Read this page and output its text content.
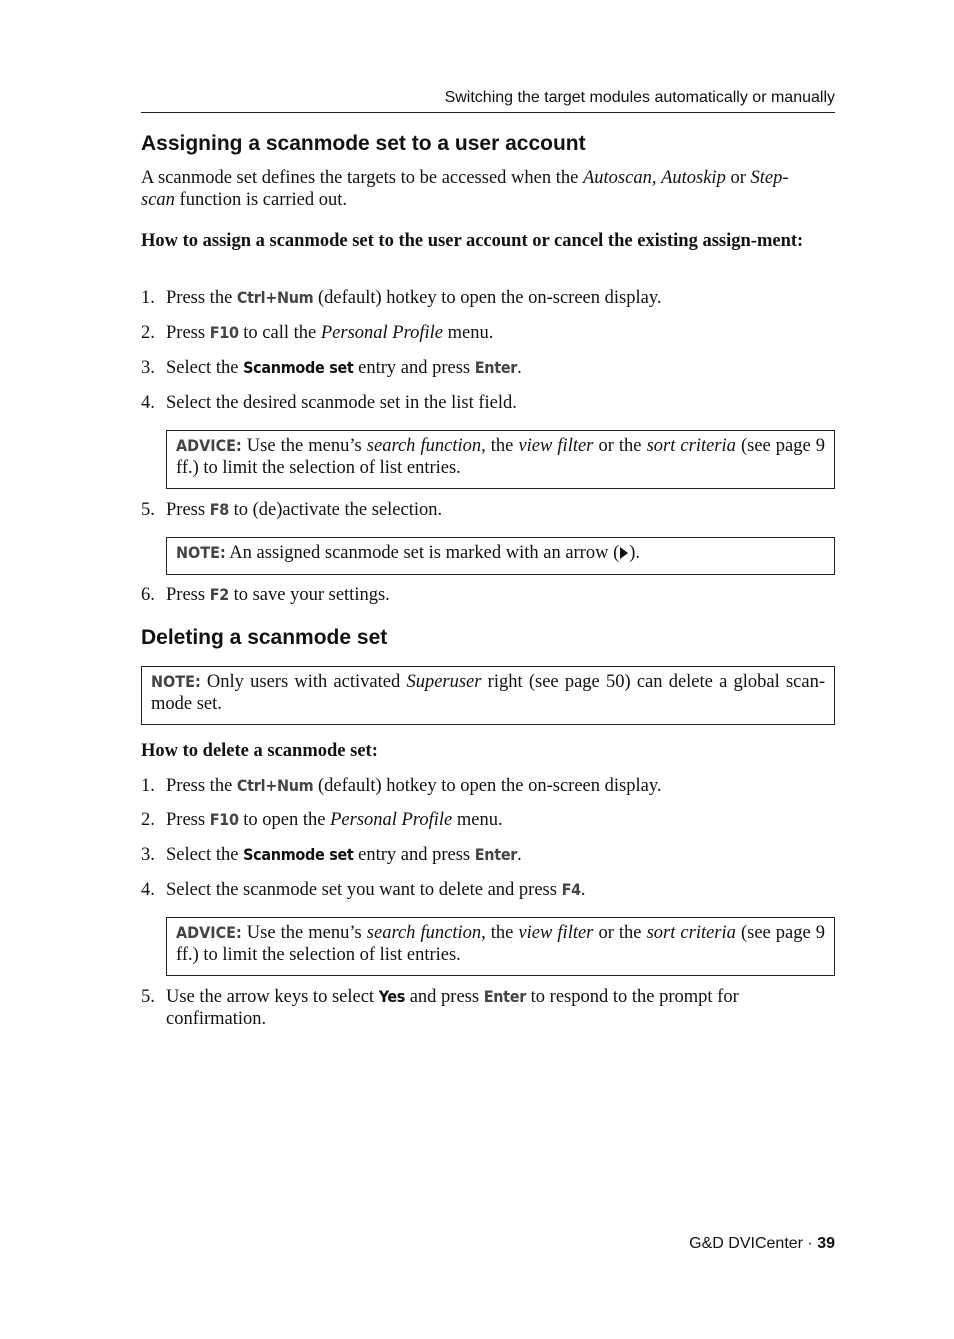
Switching the target modules automatically or manually
Assigning a scanmode set to a user account

A scanmode set defines the targets to be accessed when the Autoscan, Autoskip or Step-
scan function is carried out.

How to assign a scanmode set to the user account or cancel the existing assign-ment:

1. Press the Ctrl+Num (default) hotkey to open the on-screen display.
2. Press F10 to call the Personal Profile menu.
3. Select the Scanmode set entry and press Enter.
4. Select the desired scanmode set in the list field.
ADVICE: Use the menu’s search function, the view filter or the sort criteria (see page 9 ff.) to limit the selection of list entries.
5. Press F8 to (de)activate the selection.
NOTE: An assigned scanmode set is marked with an arrow ( ).
6. Press F2 to save your settings.
Deleting a scanmode set
NOTE: Only users with activated Superuser right (see page 50) can delete a global scan-mode set.

How to delete a scanmode set:

1. Press the Ctrl+Num (default) hotkey to open the on-screen display.
2. Press F10 to open the Personal Profile menu.
3. Select the Scanmode set entry and press Enter.
4. Select the scanmode set you want to delete and press F4.
ADVICE: Use the menu’s search function, the view filter or the sort criteria (see page 9 ff.) to limit the selection of list entries.
5. Use the arrow keys to select Yes and press Enter to respond to the prompt for confirmation.
G&D DVICenter · 39
